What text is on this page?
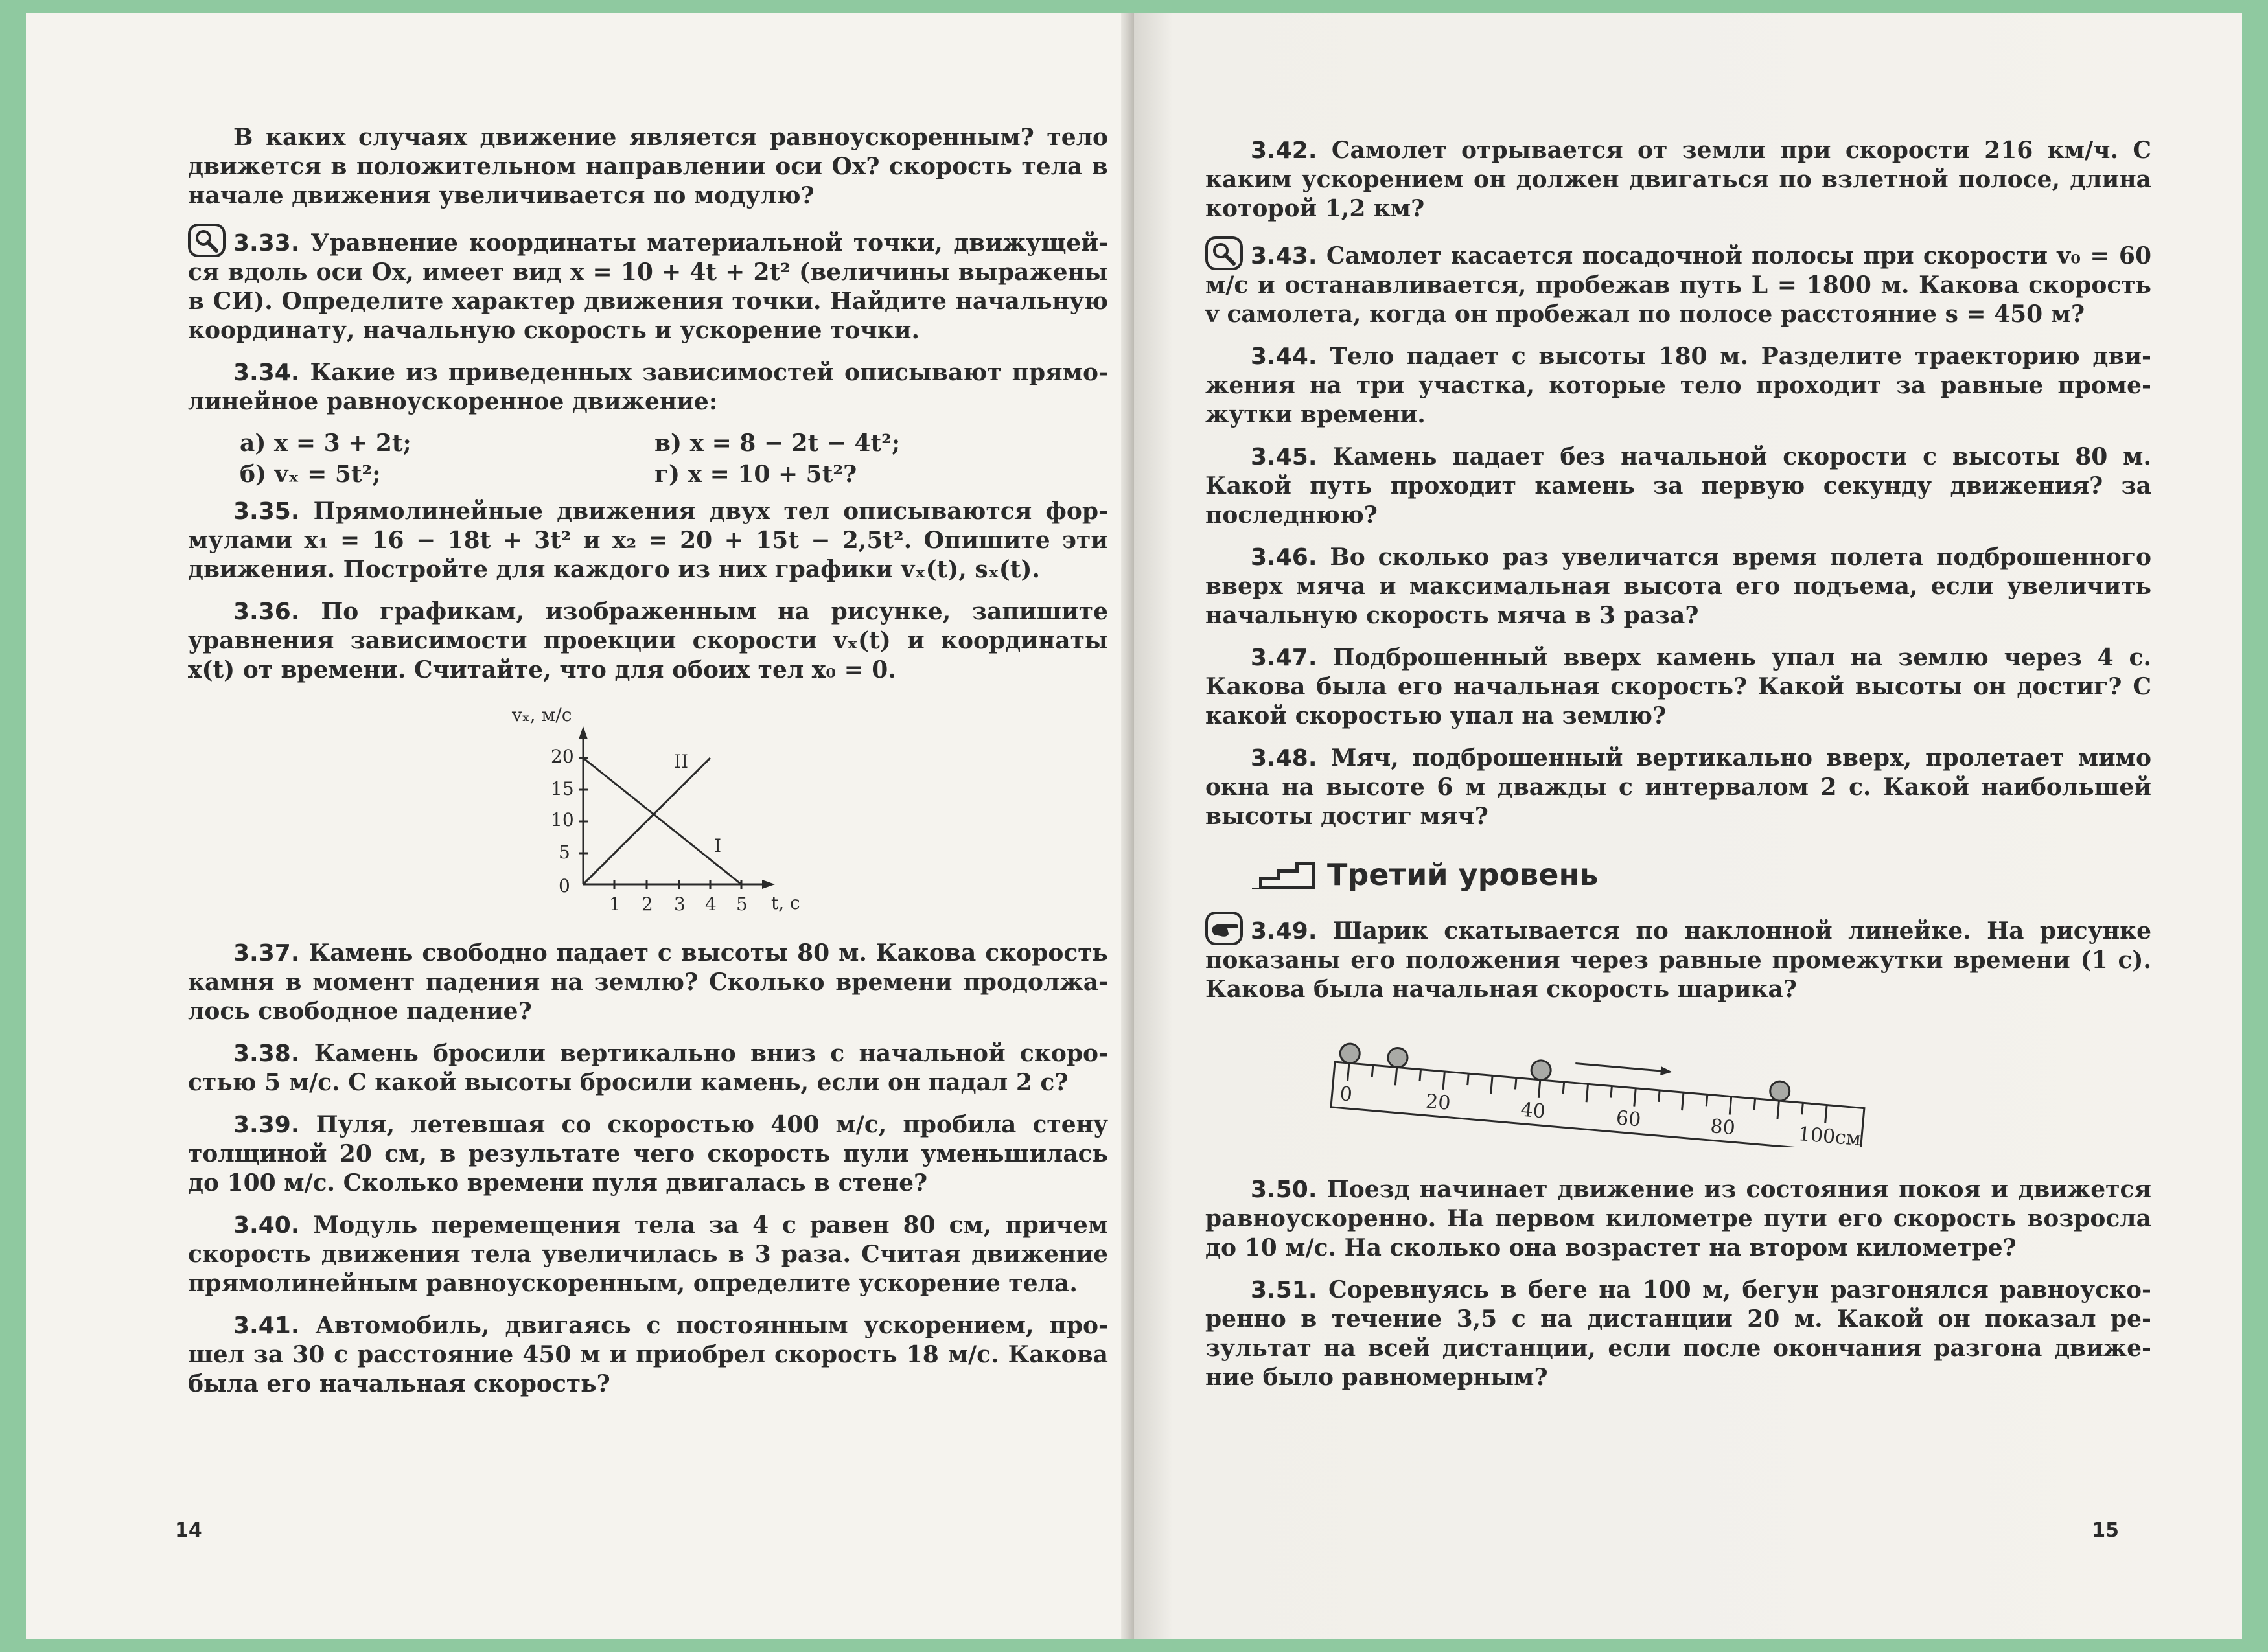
В каких случаях движение является равноускоренным? тело движется в положительном направлении оси Ox? скорость тела в начале движения увеличивается по модулю?

3.33. Уравнение координаты материальной точки, движущейся вдоль оси Ox, имеет вид x = 10 + 4t + 2t² (величины выражены в СИ). Определите характер движения точки. Найдите начальную координату, начальную скорость и ускорение точки.

3.34. Какие из приведенных зависимостей описывают прямолинейное равноускоренное движение:

а) x = 3 + 2t;	в) x = 8 − 2t − 4t²;
б) vₓ = 5t²;	г) x = 10 + 5t²?

3.35. Прямолинейные движения двух тел описываются формулами x₁ = 16 − 18t + 3t² и x₂ = 20 + 15t − 2,5t². Опишите эти движения. Постройте для каждого из них графики vₓ(t), sₓ(t).

3.36. По графикам, изображенным на рисунке, запишите уравнения зависимости проекции скорости vₓ(t) и координаты x(t) от времени. Считайте, что для обоих тел x₀ = 0.

vₓ, м/с
20
15
10
5
0
1 2 3 4 5 t, c
I
II

3.37. Камень свободно падает с высоты 80 м. Какова скорость камня в момент падения на землю? Сколько времени продолжалось свободное падение?

3.38. Камень бросили вертикально вниз с начальной скоростью 5 м/с. С какой высоты бросили камень, если он падал 2 с?

3.39. Пуля, летевшая со скоростью 400 м/с, пробила стену толщиной 20 см, в результате чего скорость пули уменьшилась до 100 м/с. Сколько времени пуля двигалась в стене?

3.40. Модуль перемещения тела за 4 с равен 80 см, причем скорость движения тела увеличилась в 3 раза. Считая движение прямолинейным равноускоренным, определите ускорение тела.

3.41. Автомобиль, двигаясь с постоянным ускорением, прошел за 30 с расстояние 450 м и приобрел скорость 18 м/с. Какова была его начальная скорость?

14

3.42. Самолет отрывается от земли при скорости 216 км/ч. С каким ускорением он должен двигаться по взлетной полосе, длина которой 1,2 км?

3.43. Самолет касается посадочной полосы при скорости v₀ = 60 м/с и останавливается, пробежав путь L = 1800 м. Какова скорость v самолета, когда он пробежал по полосе расстояние s = 450 м?

3.44. Тело падает с высоты 180 м. Разделите траекторию движения на три участка, которые тело проходит за равные промежутки времени.

3.45. Камень падает без начальной скорости с высоты 80 м. Какой путь проходит камень за первую секунду движения? за последнюю?

3.46. Во сколько раз увеличатся время полета подброшенного вверх мяча и максимальная высота его подъема, если увеличить начальную скорость мяча в 3 раза?

3.47. Подброшенный вверх камень упал на землю через 4 с. Какова была его начальная скорость? Какой высоты он достиг? С какой скоростью упал на землю?

3.48. Мяч, подброшенный вертикально вверх, пролетает мимо окна на высоте 6 м дважды с интервалом 2 с. Какой наибольшей высоты достиг мяч?

Третий уровень

3.49. Шарик скатывается по наклонной линейке. На рисунке показаны его положения через равные промежутки времени (1 с). Какова была начальная скорость шарика?

0	20	40	60	80	100см

3.50. Поезд начинает движение из состояния покоя и движется равноускоренно. На первом километре пути его скорость возросла до 10 м/с. На сколько она возрастет на втором километре?

3.51. Соревнуясь в беге на 100 м, бегун разгонялся равноускоренно в течение 3,5 с на дистанции 20 м. Какой он показал результат на всей дистанции, если после окончания разгона движение было равномерным?

15
